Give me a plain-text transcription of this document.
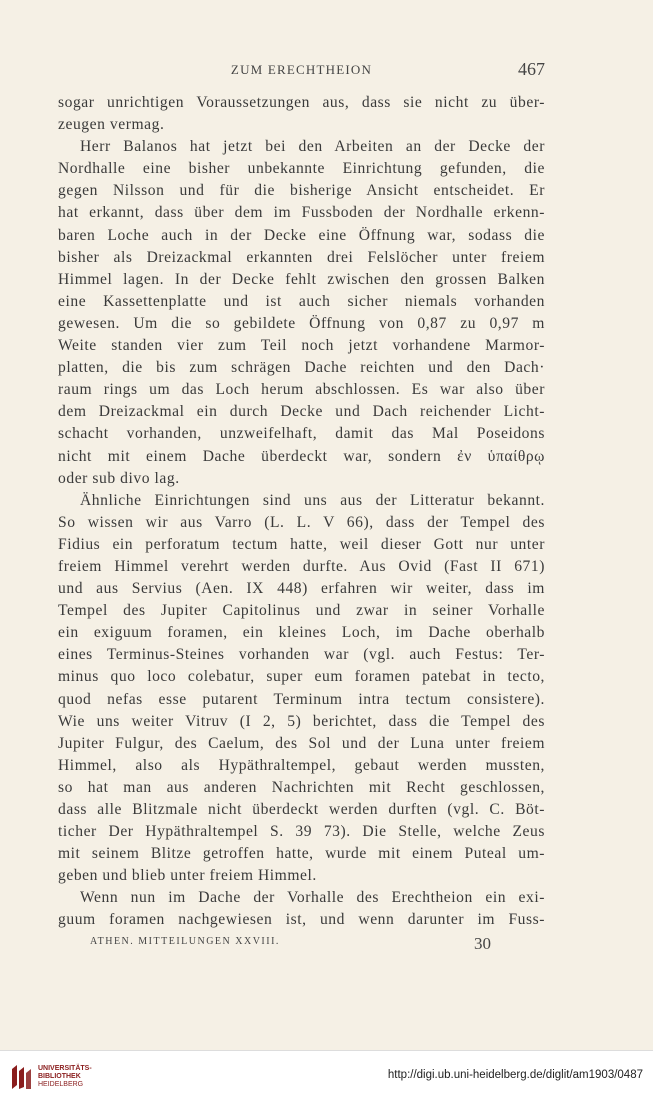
ZUM ERECHTHEION	467
sogar unrichtigen Voraussetzungen aus, dass sie nicht zu über-
zeugen vermag.
Herr Balanos hat jetzt bei den Arbeiten an der Decke der
Nordhalle eine bisher unbekannte Einrichtung gefunden, die
gegen Nilsson und für die bisherige Ansicht entscheidet. Er
hat erkannt, dass über dem im Fussboden der Nordhalle erkenn-
baren Loche auch in der Decke eine Öffnung war, sodass die
bisher als Dreizackmal erkannten drei Felslöcher unter freiem
Himmel lagen. In der Decke fehlt zwischen den grossen Balken
eine Kassettenplatte und ist auch sicher niemals vorhanden
gewesen. Um die so gebildete Öffnung von 0,87 zu 0,97 m
Weite standen vier zum Teil noch jetzt vorhandene Marmor-
platten, die bis zum schrägen Dache reichten und den Dach·
raum rings um das Loch herum abschlossen. Es war also über
dem Dreizackmal ein durch Decke und Dach reichender Licht-
schacht vorhanden, unzweifelhaft, damit das Mal Poseidons
nicht mit einem Dache überdeckt war, sondern ἐν ὑπαίθρῳ
oder sub divo lag.
Ähnliche Einrichtungen sind uns aus der Litteratur bekannt.
So wissen wir aus Varro (L. L. V 66), dass der Tempel des
Fidius ein perforatum tectum hatte, weil dieser Gott nur unter
freiem Himmel verehrt werden durfte. Aus Ovid (Fast II 671)
und aus Servius (Aen. IX 448) erfahren wir weiter, dass im
Tempel des Jupiter Capitolinus und zwar in seiner Vorhalle
ein exiguum foramen, ein kleines Loch, im Dache oberhalb
eines Terminus-Steines vorhanden war (vgl. auch Festus: Ter-
minus quo loco colebatur, super eum foramen patebat in tecto,
quod nefas esse putarent Terminum intra tectum consistere).
Wie uns weiter Vitruv (I 2, 5) berichtet, dass die Tempel des
Jupiter Fulgur, des Caelum, des Sol und der Luna unter freiem
Himmel, also als Hypäthraltempel, gebaut werden mussten,
so hat man aus anderen Nachrichten mit Recht geschlossen,
dass alle Blitzmale nicht überdeckt werden durften (vgl. C. Böt-
ticher Der Hypäthraltempel S. 39 73). Die Stelle, welche Zeus
mit seinem Blitze getroffen hatte, wurde mit einem Puteal um-
geben und blieb unter freiem Himmel.
Wenn nun im Dache der Vorhalle des Erechtheion ein exi-
guum foramen nachgewiesen ist, und wenn darunter im Fuss-
ATHEN. MITTEILUNGEN XXVIII.	30
UNIVERSITÄTS-
BIBLIOTHEK
HEIDELBERG
http://digi.ub.uni-heidelberg.de/diglit/am1903/0487
